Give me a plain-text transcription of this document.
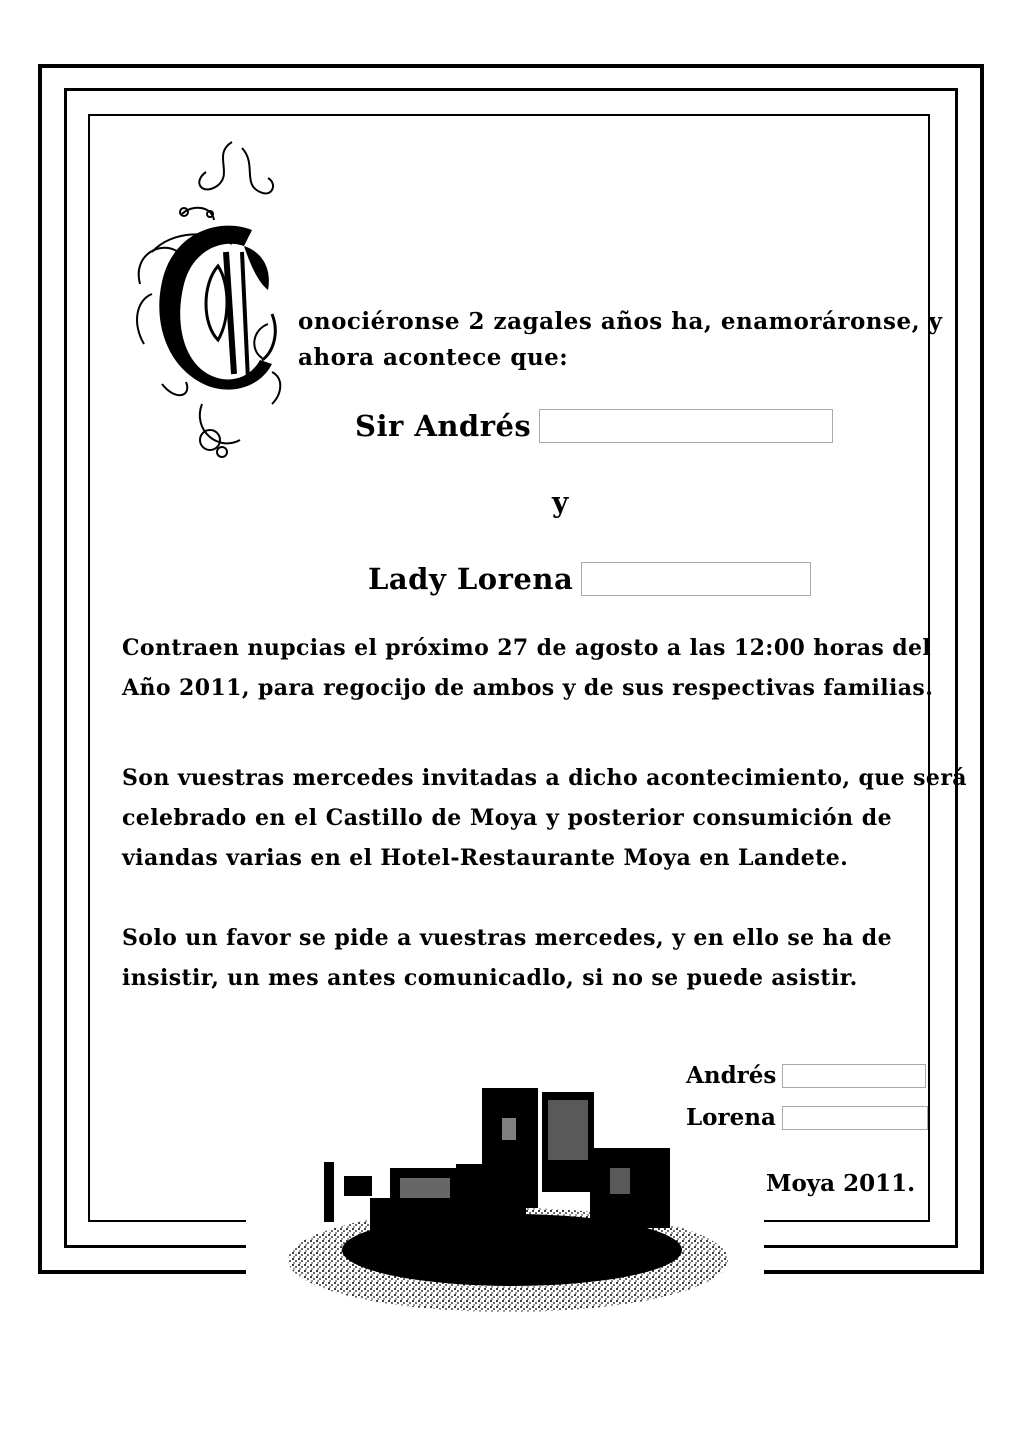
onociéronse 2 zagales años ha, enamoráronse, y
ahora acontece que:
Sir Andrés
y
Lady Lorena
Contraen nupcias el próximo 27 de agosto a las 12:00 horas del
Año 2011, para regocijo de ambos y de sus respectivas familias.
Son vuestras mercedes invitadas a dicho acontecimiento, que será
celebrado en el Castillo de Moya y posterior consumición de
viandas varias en el Hotel-Restaurante Moya en Landete.
Solo un favor se pide a vuestras mercedes, y en ello se ha de
insistir, un mes antes comunicadlo, si no se puede asistir.
Andrés
Lorena
Moya 2011.
